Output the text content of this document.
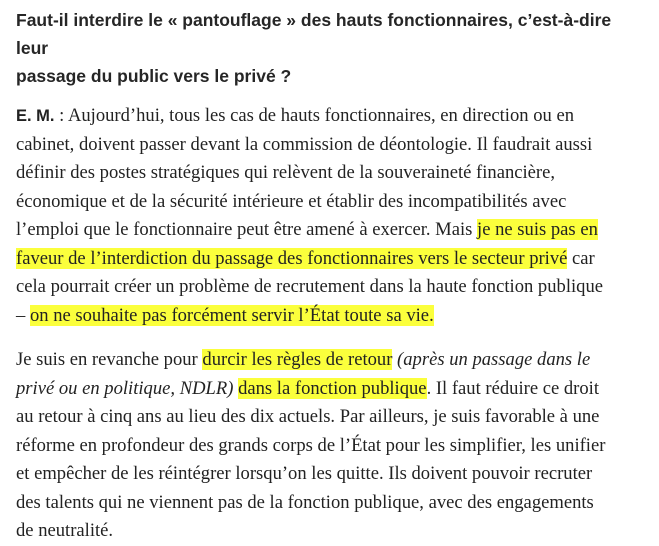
Faut-il interdire le « pantouflage » des hauts fonctionnaires, c’est-à-dire leur
passage du public vers le privé ?

E. M. : Aujourd’hui, tous les cas de hauts fonctionnaires, en direction ou en
cabinet, doivent passer devant la commission de déontologie. Il faudrait aussi
définir des postes stratégiques qui relèvent de la souveraineté financière,
économique et de la sécurité intérieure et établir des incompatibilités avec
l’emploi que le fonctionnaire peut être amené à exercer. Mais je ne suis pas en
faveur de l’interdiction du passage des fonctionnaires vers le secteur privé car
cela pourrait créer un problème de recrutement dans la haute fonction publique
– on ne souhaite pas forcément servir l’État toute sa vie.

Je suis en revanche pour durcir les règles de retour (après un passage dans le
privé ou en politique, NDLR) dans la fonction publique. Il faut réduire ce droit
au retour à cinq ans au lieu des dix actuels. Par ailleurs, je suis favorable à une
réforme en profondeur des grands corps de l’État pour les simplifier, les unifier
et empêcher de les réintégrer lorsqu’on les quitte. Ils doivent pouvoir recruter
des talents qui ne viennent pas de la fonction publique, avec des engagements
de neutralité.
